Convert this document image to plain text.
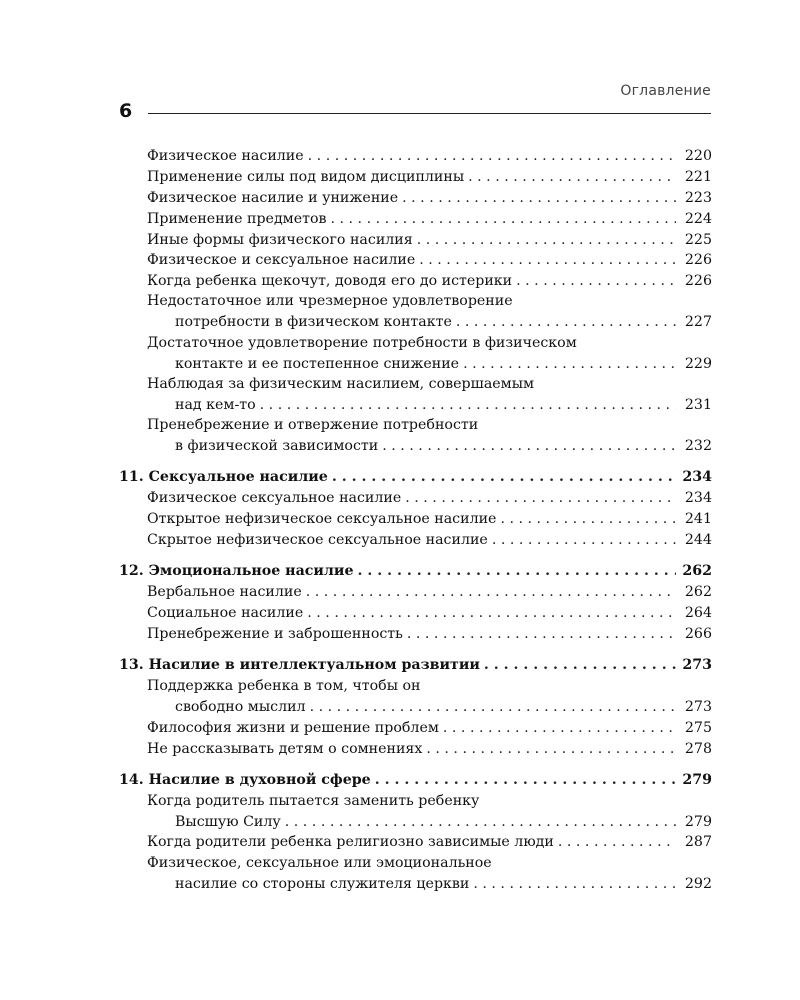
Оглавление
6
Физическое насилие . . .	220
Применение силы под видом дисциплины . . .	221
Физическое насилие и унижение . . .	223
Применение предметов . . .	224
Иные формы физического насилия . . .	225
Физическое и сексуальное насилие . . .	226
Когда ребенка щекочут, доводя его до истерики . . .	226
Недостаточное или чрезмерное удовлетворение
потребности в физическом контакте . . .	227
Достаточное удовлетворение потребности в физическом
контакте и ее постепенное снижение . . .	229
Наблюдая за физическим насилием, совершаемым
над кем-то . . .	231
Пренебрежение и отвержение потребности
в физической зависимости . . .	232
11. Сексуальное насилие . . .	234
Физическое сексуальное насилие . . .	234
Открытое нефизическое сексуальное насилие . . .	241
Скрытое нефизическое сексуальное насилие . . .	244
12. Эмоциональное насилие . . .	262
Вербальное насилие . . .	262
Социальное насилие . . .	264
Пренебрежение и заброшенность . . .	266
13. Насилие в интеллектуальном развитии . . .	273
Поддержка ребенка в том, чтобы он
свободно мыслил . . .	273
Философия жизни и решение проблем . . .	275
Не рассказывать детям о сомнениях . . .	278
14. Насилие в духовной сфере . . .	279
Когда родитель пытается заменить ребенку
Высшую Силу . . .	279
Когда родители ребенка религиозно зависимые люди . . .	287
Физическое, сексуальное или эмоциональное
насилие со стороны служителя церкви . . .	292
